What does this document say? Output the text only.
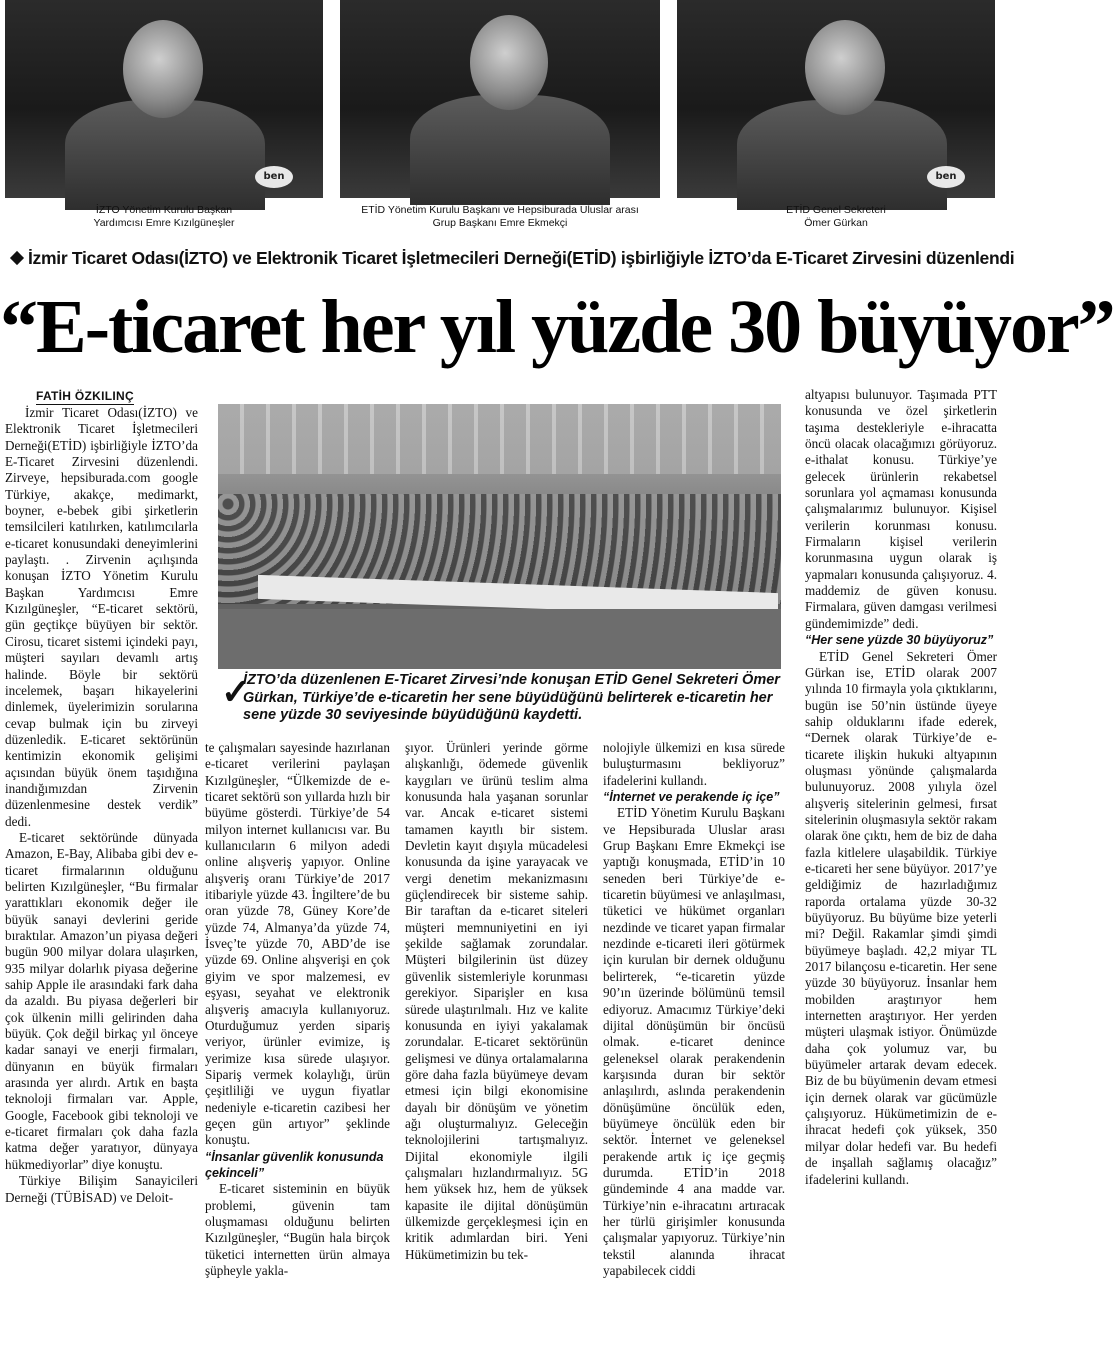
ben	ben
İZTO Yönetim Kurulu Başkan
Yardımcısı Emre Kızılgüneşler
ETİD Yönetim Kurulu Başkanı ve Hepsiburada Uluslar arası
Grup Başkanı Emre Ekmekçi
ETİD Genel Sekreteri
Ömer Gürkan
İzmir Ticaret Odası(İZTO) ve Elektronik Ticaret İşletmecileri Derneği(ETİD) işbirliğiyle İZTO’da E-Ticaret Zirvesini düzenlendi
“E-ticaret her yıl yüzde 30 büyüyor”
FATİH ÖZKILINÇ

İzmir Ticaret Odası(İZTO) ve Elektronik Ticaret İşletmecileri Derneği(ETİD) işbirliğiyle İZTO’da E-Ticaret Zirvesini düzenlendi. Zirveye, hepsiburada.com google Türkiye, akakçe, medimarkt, boyner, e-bebek gibi şirketlerin temsilcileri katılırken, katılımcılarla e-ticaret konusundaki deneyimlerini paylaştı. . Zirvenin açılışında konuşan İZTO Yönetim Kurulu Başkan Yardımcısı Emre Kızılgüneşler, “E-ticaret sektörü, gün geçtikçe büyüyen bir sektör. Cirosu, ticaret sistemi içindeki payı, müşteri sayıları devamlı artış halinde. Böyle bir sektörü incelemek, başarı hikayelerini dinlemek, üyelerimizin sorularına cevap bulmak için bu zirveyi düzenledik. E-ticaret sektörünün kentimizin ekonomik gelişimi açısından büyük önem taşıdığına inandığımızdan Zirvenin düzenlenmesine destek verdik” dedi.

E-ticaret sektöründe dünyada Amazon, E-Bay, Alibaba gibi dev e-ticaret firmalarının olduğunu belirten Kızılgüneşler, “Bu firmalar yarattıkları ekonomik değer ile büyük sanayi devlerini geride bıraktılar. Amazon’un piyasa değeri bugün 900 milyar dolara ulaşırken, 935 milyar dolarlık piyasa değerine sahip Apple ile arasındaki fark daha da azaldı. Bu piyasa değerleri bir çok ülkenin milli gelirinden daha büyük. Çok değil birkaç yıl önceye kadar sanayi ve enerji firmaları, dünyanın en büyük firmaları arasında yer alırdı. Artık en başta teknoloji firmaları var. Apple, Google, Facebook gibi teknoloji ve e-ticaret firmaları çok daha fazla katma değer yaratıyor, dünyaya hükmediyorlar” diye konuştu.

Türkiye Bilişim Sanayicileri Derneği (TÜBİSAD) ve Deloit-

✓
İZTO’da düzenlenen E-Ticaret Zirvesi’nde konuşan ETİD Genel Sekreteri Ömer Gürkan, Türkiye’de e-ticaretin her sene büyüdüğünü belirterek e-ticaretin her sene yüzde 30 seviyesinde büyüdüğünü kaydetti.

te çalışmaları sayesinde hazırlanan e-ticaret verilerini paylaşan Kızılgüneşler, “Ülkemizde de e-ticaret sektörü son yıllarda hızlı bir büyüme gösterdi. Türkiye’de 54 milyon internet kullanıcısı var. Bu kullanıcıların 6 milyon adedi online alışveriş yapıyor. Online alışveriş oranı Türkiye’de 2017 itibariyle yüzde 43. İngiltere’de bu oran yüzde 78, Güney Kore’de yüzde 74, Almanya’da yüzde 74, İsveç’te yüzde 70, ABD’de ise yüzde 69. Online alışverişi en çok giyim ve spor malzemesi, ev eşyası, seyahat ve elektronik alışveriş amacıyla kullanıyoruz. Oturduğumuz yerden sipariş veriyor, ürünler evimize, iş yerimize kısa sürede ulaşıyor. Sipariş vermek kolaylığı, ürün çeşitliliği ve uygun fiyatlar nedeniyle e-ticaretin cazibesi her geçen gün artıyor” şeklinde konuştu.

“İnsanlar güvenlik konusunda çekinceli”

E-ticaret sisteminin en büyük problemi, güvenin tam oluşmaması olduğunu belirten Kızılgüneşler, “Bugün hala birçok tüketici internetten ürün almaya şüpheyle yakla-

şıyor. Ürünleri yerinde görme alışkanlığı, ödemede güvenlik kaygıları ve ürünü teslim alma konusunda hala yaşanan sorunlar var. Ancak e-ticaret sistemi tamamen kayıtlı bir sistem. Devletin kayıt dışıyla mücadelesi konusunda da işine yarayacak ve vergi denetim mekanizmasını güçlendirecek bir sisteme sahip. Bir taraftan da e-ticaret siteleri müşteri memnuniyetini en iyi şekilde sağlamak zorundalar. Müşteri bilgilerinin üst düzey güvenlik sistemleriyle korunması gerekiyor. Siparişler en kısa sürede ulaştırılmalı. Hız ve kalite konusunda en iyiyi yakalamak zorundalar. E-ticaret sektörünün gelişmesi ve dünya ortalamalarına göre daha fazla büyümeye devam etmesi için bilgi ekonomisine dayalı bir dönüşüm ve yönetim ağı oluşturmalıyız. Geleceğin teknolojilerini tartışmalıyız. Dijital ekonomiyle ilgili çalışmaları hızlandırmalıyız. 5G hem yüksek hız, hem de yüksek kapasite ile dijital dönüşümün ülkemizde gerçekleşmesi için en kritik adımlardan biri. Yeni Hükümetimizin bu tek-

nolojiyle ülkemizi en kısa sürede buluşturmasını bekliyoruz” ifadelerini kullandı.

“İnternet ve perakende iç içe”

ETİD Yönetim Kurulu Başkanı ve Hepsiburada Uluslar arası Grup Başkanı Emre Ekmekçi ise yaptığı konuşmada, ETİD’in 10 seneden beri Türkiye’de e-ticaretin büyümesi ve anlaşılması, tüketici ve hükümet organları nezdinde ve ticaret yapan firmalar nezdinde e-ticareti ileri götürmek için kurulan bir dernek olduğunu belirterek, “e-ticaretin yüzde 90’ın üzerinde bölümünü temsil ediyoruz. Amacımız Türkiye’deki dijital dönüşümün bir öncüsü olmak. e-ticaret denince geleneksel olarak perakendenin karşısında duran bir sektör anlaşılırdı, aslında perakendenin dönüşümüne öncülük eden, büyümeye öncülük eden bir sektör. İnternet ve geleneksel perakende artık iç içe geçmiş durumda. ETİD’in 2018 gündeminde 4 ana madde var. Türkiye’nin e-ihracatını artıracak her türlü girişimler konusunda çalışmalar yapıyoruz. Türkiye’nin tekstil alanında ihracat yapabilecek ciddi

altyapısı bulunuyor. Taşımada PTT konusunda ve özel şirketlerin taşıma destekleriyle e-ihracatta öncü olacak olacağımızı görüyoruz. e-ithalat konusu. Türkiye’ye gelecek ürünlerin rekabetsel sorunlara yol açmaması konusunda çalışmalarımız bulunuyor. Kişisel verilerin korunması konusu. Firmaların kişisel verilerin korunmasına uygun olarak iş yapmaları konusunda çalışıyoruz. 4. maddemiz de güven konusu. Firmalara, güven damgası verilmesi gündemimizde” dedi.

“Her sene yüzde 30 büyüyoruz”

ETİD Genel Sekreteri Ömer Gürkan ise, ETİD olarak 2007 yılında 10 firmayla yola çıktıklarını, bugün ise 50’nin üstünde üyeye sahip olduklarını ifade ederek, “Dernek olarak Türkiye’de e-ticarete ilişkin hukuki altyapının oluşması yönünde çalışmalarda bulunuyoruz. 2008 yılıyla özel alışveriş sitelerinin gelmesi, fırsat sitelerinin oluşmasıyla sektör rakam olarak öne çıktı, hem de biz de daha fazla kitlelere ulaşabildik. Türkiye e-ticareti her sene büyüyor. 2017’ye geldiğimiz de hazırladığımız raporda ortalama yüzde 30-32 büyüyoruz. Bu büyüme bize yeterli mi? Değil. Rakamlar şimdi şimdi büyümeye başladı. 42,2 miyar TL 2017 bilançosu e-ticaretin. Her sene yüzde 30 büyüyoruz. İnsanlar hem mobilden araştırıyor hem internetten araştırıyor. Her yerden müşteri ulaşmak istiyor. Önümüzde daha çok yolumuz var, bu büyümeler artarak devam edecek. Biz de bu büyümenin devam etmesi için dernek olarak var gücümüzle çalışıyoruz. Hükümetimizin de e-ihracat hedefi çok yüksek, 350 milyar dolar hedefi var. Bu hedefi de inşallah sağlamış olacağız” ifadelerini kullandı.
